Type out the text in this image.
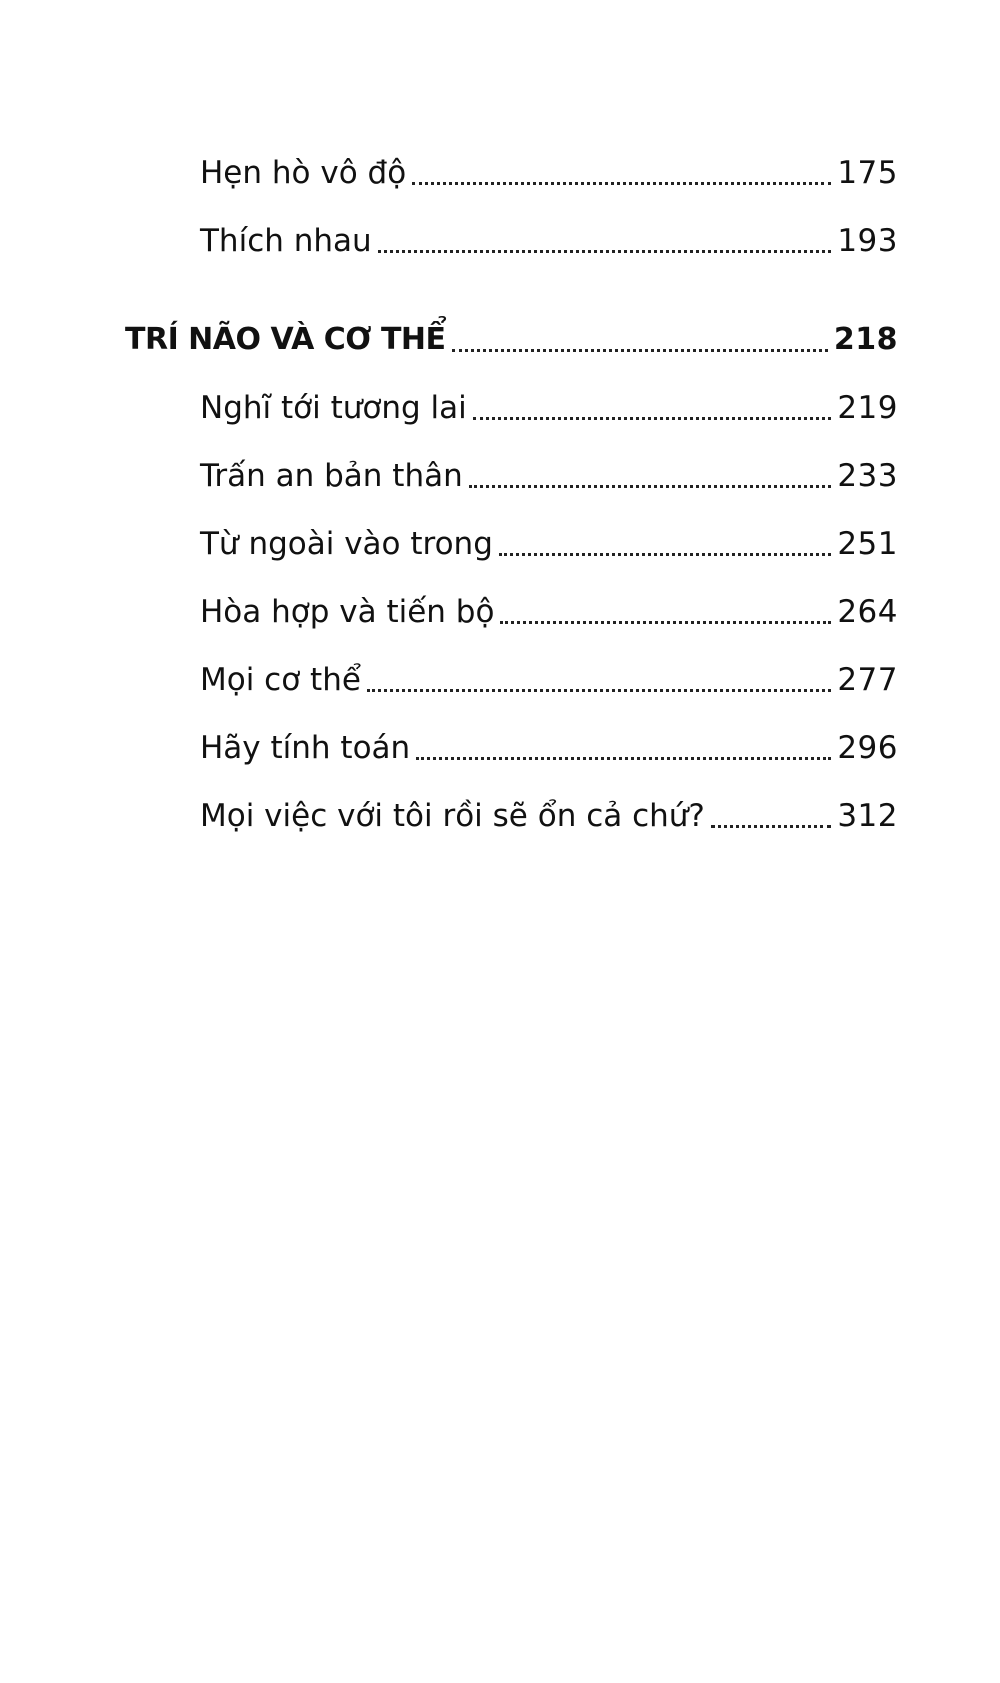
Hẹn hò vô độ	175
Thích nhau	193
TRÍ NÃO VÀ CƠ THỂ	218
Nghĩ tới tương lai	219
Trấn an bản thân	233
Từ ngoài vào trong	251
Hòa hợp và tiến bộ	264
Mọi cơ thể	277
Hãy tính toán	296
Mọi việc với tôi rồi sẽ ổn cả chứ?	312
